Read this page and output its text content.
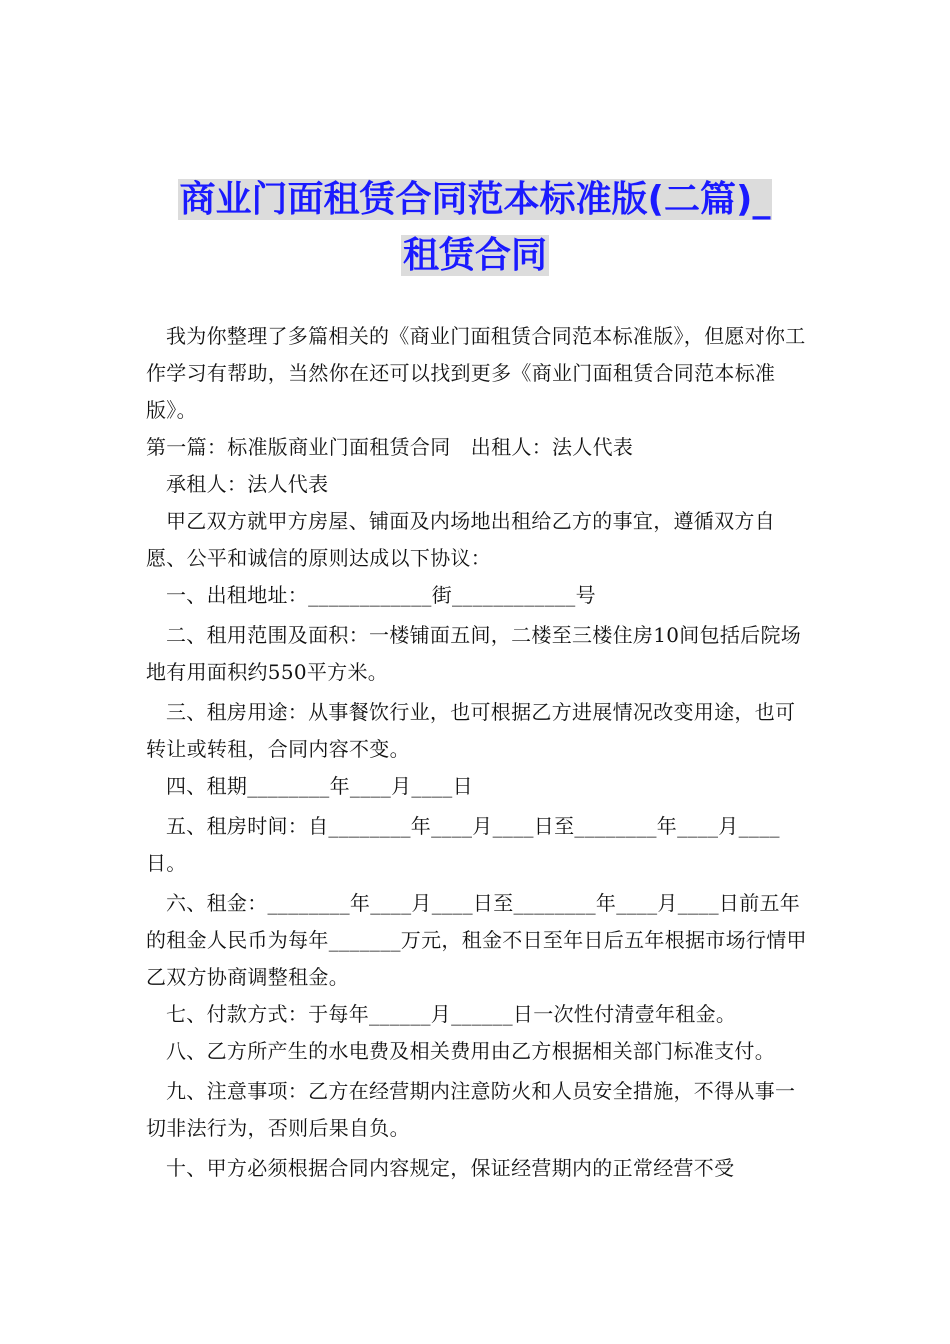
商业门面租赁合同范本标准版(二篇)_
租赁合同

我为你整理了多篇相关的《商业门面租赁合同范本标准版》，但愿对你工作学习有帮助，当然你在还可以找到更多《商业门面租赁合同范本标准版》。

第一篇：标准版商业门面租赁合同　出租人：法人代表

承租人：法人代表

甲乙双方就甲方房屋、铺面及内场地出租给乙方的事宜，遵循双方自愿、公平和诚信的原则达成以下协议：

一、出租地址：____________街____________号

二、租用范围及面积：一楼铺面五间，二楼至三楼住房10间包括后院场地有用面积约550平方米。

三、租房用途：从事餐饮行业，也可根据乙方进展情况改变用途，也可转让或转租，合同内容不变。

四、租期________年____月____日

五、租房时间：自________年____月____日至________年____月____日。

六、租金：________年____月____日至________年____月____日前五年的租金人民币为每年_______万元，租金不日至年日后五年根据市场行情甲乙双方协商调整租金。

七、付款方式：于每年______月______日一次性付清壹年租金。

八、乙方所产生的水电费及相关费用由乙方根据相关部门标准支付。

九、注意事项：乙方在经营期内注意防火和人员安全措施，不得从事一切非法行为，否则后果自负。

十、甲方必须根据合同内容规定，保证经营期内的正常经营不受
